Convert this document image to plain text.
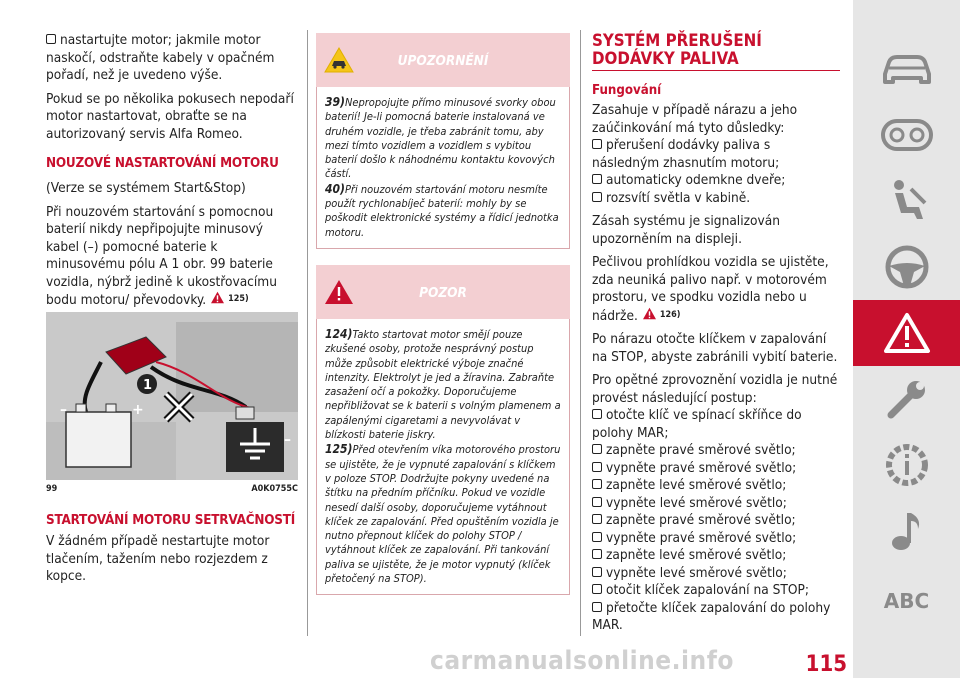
nastartujte motor; jakmile motor

naskočí, odstraňte kabely v opačném pořadí, než je uvedeno výše.

Pokud se po několika pokusech nepodaří motor nastartovat, obraťte se na autorizovaný servis Alfa Romeo.

NOUZOVÉ NASTARTOVÁNÍ MOTORU

(Verze se systémem Start&Stop)

Při nouzovém startování s pomocnou baterií nikdy nepřipojujte minusový kabel (–) pomocné baterie k minusovému pólu A 1 obr. 99 baterie vozidla, nýbrž jedině k ukostřovacímu bodu motoru/ převodovky. $^{125)}$

–	+
1
–
99	A0K0755C
STARTOVÁNÍ MOTORU SETRVAČNOSTÍ

V žádném případě nestartujte motor tlačením, tažením nebo rozjezdem z kopce.

UPOZORNĚNÍ
39)Nepropojujte přímo minusové svorky obou baterií! Je-li pomocná baterie instalovaná ve druhém vozidle, je třeba zabránit tomu, aby mezi tímto vozidlem a vozidlem s vybitou baterií došlo k náhodnému kontaktu kovových částí.
40)Při nouzovém startování motoru nesmíte použít rychlonabíječ baterií: mohly by se poškodit elektronické systémy a řídicí jednotka motoru.
POZOR
124)Takto startovat motor smějí pouze zkušené osoby, protože nesprávný postup může způsobit elektrické výboje značné intenzity. Elektrolyt je jed a žíravina. Zabraňte zasažení očí a pokožky. Doporučujeme nepřibližovat se k baterii s volným plamenem a zapálenými cigaretami a nevyvolávat v blízkosti baterie jiskry.
125)Před otevřením víka motorového prostoru se ujistěte, že je vypnuté zapalování s klíčkem v poloze STOP. Dodržujte pokyny uvedené na štítku na předním příčníku. Pokud ve vozidle nesedí další osoby, doporučujeme vytáhnout klíček ze zapalování. Před opuštěním vozidla je nutno přepnout klíček do polohy STOP / vytáhnout klíček ze zapalování. Při tankování paliva se ujistěte, že je motor vypnutý (klíček přetočený na STOP).
SYSTÉM PŘERUŠENÍ DODÁVKY PALIVA
Fungování

Zasahuje v případě nárazu a jeho zaúčinkování má tyto důsledky:

přerušení dodávky paliva s následným zhasnutím motoru;

automaticky odemkne dveře;

rozsvítí světla v kabině.

Zásah systému je signalizován upozorněním na displeji.

Pečlivou prohlídkou vozidla se ujistěte, zda neuniká palivo např. v motorovém prostoru, ve spodku vozidla nebo u nádrže. $^{126)}$

Po nárazu otočte klíčkem v zapalování na STOP, abyste zabránili vybití baterie.

Pro opětné zprovoznění vozidla je nutné provést následující postup:

otočte klíč ve spínací skříňce do polohy MAR;

zapněte pravé směrové světlo;

vypněte pravé směrové světlo;

zapněte levé směrové světlo;

vypněte levé směrové světlo;

zapněte pravé směrové světlo;

vypněte pravé směrové světlo;

zapněte levé směrové světlo;

vypněte levé směrové světlo;

otočit klíček zapalování na STOP;

přetočte klíček zapalování do polohy MAR.

ABC
carmanualsonline.info	115
